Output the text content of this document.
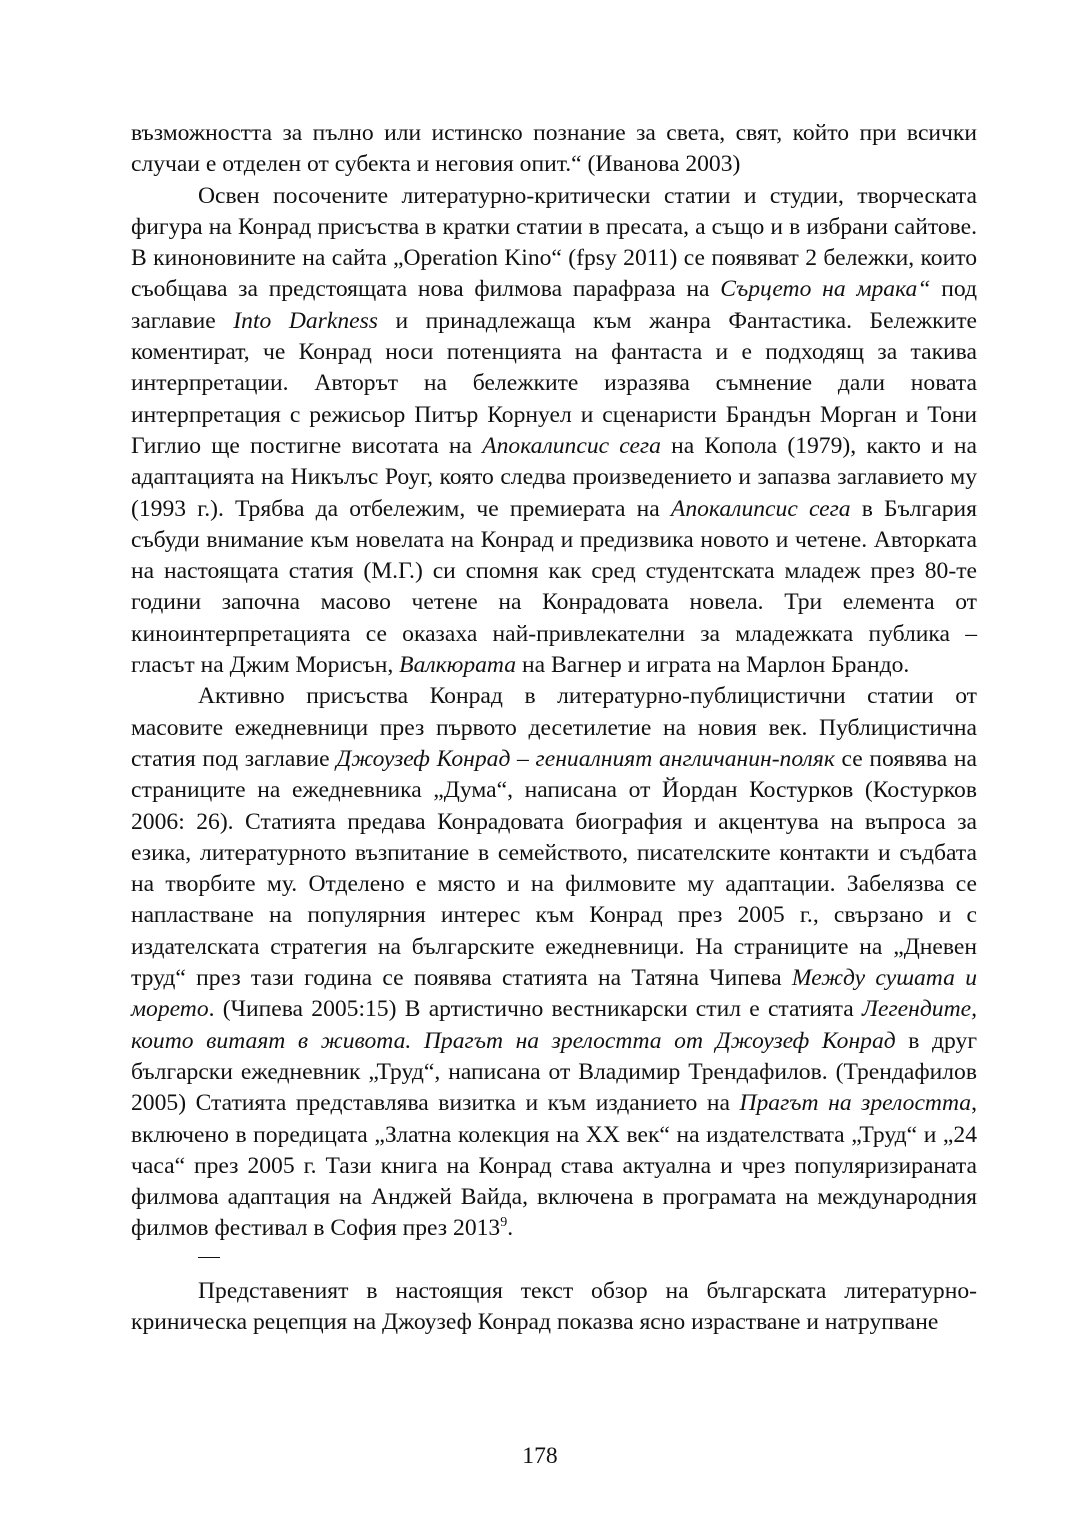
възможността за пълно или истинско познание за света, свят, който при всички случаи е отделен от субекта и неговия опит.“ (Иванова 2003)

Освен посочените литературно-критически статии и студии, творческата фигура на Конрад присъства в кратки статии в пресата, а също и в избрани сайтове. В киноновините на сайта „Operation Kino“ (fpsy 2011) се появяват 2 бележки, които съобщава за предстоящата нова филмова парафраза на Сърцето на мрака“ под заглавие Into Darkness и принадлежаща към жанра Фантастика. Бележките коментират, че Конрад носи потенцията на фантаста и е подходящ за такива интерпретации. Авторът на бележките изразява съмнение дали новата интерпретация с режисьор Питър Корнуел и сценаристи Брандън Морган и Тони Гиглио ще постигне висотата на Апокалипсис сега на Копола (1979), както и на адаптацията на Никълъс Роуг, която следва произведението и запазва заглавието му (1993 г.). Трябва да отбележим, че премиерата на Апокалипсис сега в България събуди внимание към новелата на Конрад и предизвика новото и четене. Авторката на настоящата статия (М.Г.) си спомня как сред студентската младеж през 80-те години започна масово четене на Конрадовата новела. Три елемента от киноинтерпретацията се оказаха най-привлекателни за младежката публика – гласът на Джим Морисън, Валкюрата на Вагнер и играта на Марлон Брандо.

Активно присъства Конрад в литературно-публицистични статии от масовите ежедневници през първото десетилетие на новия век. Публицистична статия под заглавие Джоузеф Конрад – гениалният англичанин-поляк се появява на страниците на ежедневника „Дума“, написана от Йордан Костурков (Костурков 2006: 26). Статията предава Конрадовата биография и акцентува на въпроса за езика, литературното възпитание в семейството, писателските контакти и съдбата на творбите му. Отделено е място и на филмовите му адаптации. Забелязва се напластване на популярния интерес към Конрад през 2005 г., свързано и с издателската стратегия на българските ежедневници. На страниците на „Дневен труд“ през тази година се появява статията на Татяна Чипева Между сушата и морето. (Чипева 2005:15) В артистично вестникарски стил е статията Легендите, които витаят в живота. Прагът на зрелостта от Джоузеф Конрад в друг български ежедневник „Труд“, написана от Владимир Трендафилов. (Трендафилов 2005) Статията представлява визитка и към изданието на Прагът на зрелостта, включено в поредицата „Златна колекция на ХХ век“ на издателствата „Труд“ и „24 часа“ през 2005 г. Тази книга на Конрад става актуална и чрез популяризираната филмова адаптация на Анджей Вайда, включена в програмата на международния филмов фестивал в София през 2013$^9$.

Представеният в настоящия текст обзор на българската литературно-криническа рецепция на Джоузеф Конрад показва ясно израстване и натрупване

178
